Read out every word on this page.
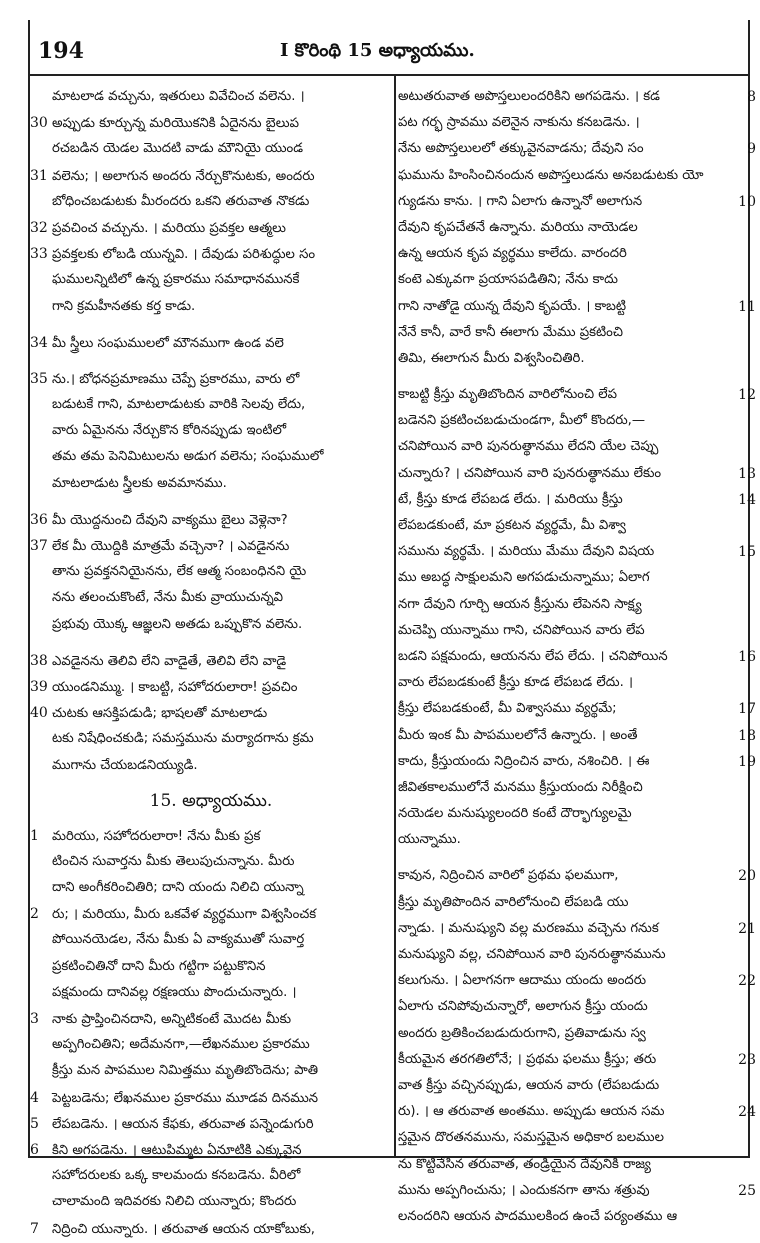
194	I కొరింథి 15 అధ్యాయము.
మాటలాడ వచ్చును, ఇతరులు వివేచించ వలెను. ।
30 అప్పుడు కూర్చున్న మరియొకనికి ఏదైనను బైలుప
రచబడిన యెడల మొదటి వాడు మౌనియై యుండ
31 వలెను; । అలాగున అందరు నేర్చుకొనుటకు, అందరు
బోధించబడుటకు మీరందరు ఒకని తరువాత నొకడు
32 ప్రవచించ వచ్చును. । మరియు ప్రవక్తల ఆత్మలు
33 ప్రవక్తలకు లోబడి యున్నవి. । దేవుడు పరిశుద్ధుల సం
ఘములన్నిటిలో ఉన్న ప్రకారము సమాధానమునకే
గాని క్రమహీనతకు కర్త కాడు.
34 మీ స్త్రీలు సంఘములలో మౌనముగా ఉండ వలె
35 ను.। బోధనప్రమాణము చెప్పే ప్రకారము, వారు లో
బడుటకే గాని, మాటలాడుటకు వారికి సెలవు లేదు,
వారు ఏమైనను నేర్చుకొన కోరినప్పుడు ఇంటిలో
తమ తమ పెనిమిటులను అడుగ వలెను; సంఘములో
మాటలాడుట స్త్రీలకు అవమానము.
36 మీ యొద్దనుంచి దేవుని వాక్యము బైలు వెళ్లెనా?
37 లేక మీ యొద్దికి మాత్రమే వచ్చెనా? । ఎవడైనను
తాను ప్రవక్తననియైనను, లేక ఆత్మ సంబంధినని యై
నను తలంచుకొంటే, నేను మీకు వ్రాయుచున్నవి
ప్రభువు యొక్క ఆజ్ఞలని అతడు ఒప్పుకొన వలెను.
38 ఎవడైనను తెలివి లేని వాడైతే, తెలివి లేని వాడై
39 యుండనిమ్ము. । కాబట్టి, సహోదరులారా! ప్రవచిం
40 చుటకు ఆసక్తిపడుడి; భాషలతో మాటలాడు
టకు నిషేధించకుడి; సమస్తమును మర్యాదగాను క్రమ
ముగాను చేయబడనియ్యుడి.
15. అధ్యాయము.
1 మరియు, సహోదరులారా! నేను మీకు ప్రక
టించిన సువార్తను మీకు తెలుపుచున్నాను. మీరు
దాని అంగీకరించితిరి; దాని యందు నిలిచి యున్నా
2 రు; । మరియు, మీరు ఒకవేళ వ్యర్థముగా విశ్వసించక
పోయినయెడల, నేను మీకు ఏ వాక్యముతో సువార్త
ప్రకటించితినో దాని మీరు గట్టిగా పట్టుకొనిన
పక్షమందు దానివల్ల రక్షణయు పొందుచున్నారు. ।
3 నాకు ప్రాప్తించినదాని, అన్నిటికంటే మొదట మీకు
అప్పగించితిని; అదేమనగా,—లేఖనముల ప్రకారము
క్రీస్తు మన పాపముల నిమిత్తము మృతిబొందెను; పాతి
4 పెట్టబడెను; లేఖనముల ప్రకారము మూడవ దినమున
5 లేపబడెను. । ఆయన కేఫకు, తరువాత పన్నెండుగురి
6 కిని అగపడెను. । ఆటుపిమ్మట ఏనూటికి ఎక్కువైన
సహోదరులకు ఒక్క కాలమందు కనబడెను. వీరిలో
చాలామంది ఇదివరకు నిలిచి యున్నారు; కొందరు
7 నిద్రించి యున్నారు. । తరువాత ఆయన యాకోబుకు,
అటుతరువాత అపొస్తలులందరికిని అగపడెను. । కడ	8
పట గర్భ స్రావము వలెనైన నాకును కనబడెను. ।
నేను అపొస్తలులలో తక్కువైనవాడను; దేవుని సం	9
ఘమును హింసించినందున అపొస్తలుడను అనబడుటకు యో
గ్యుడను కాను. । గాని ఏలాగు ఉన్నానో అలాగున	10
దేవుని కృపచేతనే ఉన్నాను. మరియు నాయెడల
ఉన్న ఆయన కృప వ్యర్థము కాలేదు. వారందరి
కంటె ఎక్కువగా ప్రయాసపడితిని; నేను కాదు
గాని నాతోడై యున్న దేవుని కృపయే. । కాబట్టి	11
నేనే కానీ, వారే కానీ ఈలాగు మేము ప్రకటించి
తిమి, ఈలాగున మీరు విశ్వసించితిరి.
కాబట్టి క్రీస్తు మృతిబొందిన వారిలోనుంచి లేప	12
బడెనని ప్రకటించబడుచుండగా, మీలో కొందరు,—
చనిపోయిన వారి పునరుత్థానము లేదని యేల చెప్పు
చున్నారు? । చనిపోయిన వారి పునరుత్థానము లేకుం	13
టే, క్రీస్తు కూడ లేపబడ లేదు. । మరియు క్రీస్తు	14
లేపబడకుంటే, మా ప్రకటన వ్యర్థమే, మీ విశ్వా
సమును వ్యర్థమే. । మరియు మేము దేవుని విషయ	15
ము అబద్ధ సాక్షులమని అగపడుచున్నాము; ఏలాగ
నగా దేవుని గూర్చి ఆయన క్రీస్తును లేపెనని సాక్ష్య
మచెప్పి యున్నాము గాని, చనిపోయిన వారు లేప
బడని పక్షమందు, ఆయనను లేప లేదు. । చనిపోయిన	16
వారు లేపబడకుంటే క్రీస్తు కూడ లేపబడ లేదు. ।
క్రీస్తు లేపబడకుంటే, మీ విశ్వాసము వ్యర్థమే;	17
మీరు ఇంక మీ పాపములలోనే ఉన్నారు. । అంతే	18
కాదు, క్రీస్తుయందు నిద్రించిన వారు, నశించిరి. । ఈ	19
జీవితకాలములోనే మనము క్రీస్తుయందు నిరీక్షించి
నయెడల మనుష్యులందరి కంటే దౌర్భాగ్యులమై
యున్నాము.
కావున, నిద్రించిన వారిలో ప్రథమ ఫలముగా,	20
క్రీస్తు మృతిపొందిన వారిలోనుంచి లేపబడి యు
న్నాడు. । మనుష్యుని వల్ల మరణము వచ్చెను గనుక	21
మనుష్యుని వల్ల, చనిపోయిన వారి పునరుత్థానమును
కలుగును. । ఏలాగనగా ఆదాము యందు అందరు	22
ఏలాగు చనిపోవుచున్నారో, అలాగున క్రీస్తు యందు
అందరు బ్రతికించబడుదురుగాని, ప్రతివాడును స్వ
కీయమైన తరగతిలోనే; । ప్రథమ ఫలము క్రీస్తు; తరు	23
వాత క్రీస్తు వచ్చినప్పుడు, ఆయన వారు (లేపబడుదు
రు). । ఆ తరువాత అంతము. అప్పుడు ఆయన సమ	24
స్తమైన దొరతనమును, సమస్తమైన అధికార బలముల
ను కొట్టివేసిన తరువాత, తండ్రియైన దేవునికి రాజ్య
మును అప్పగించును; । ఎందుకనగా తాను శత్రువు	25
లనందరిని ఆయన పాదములకింద ఉంచే పర్యంతము ఆ
